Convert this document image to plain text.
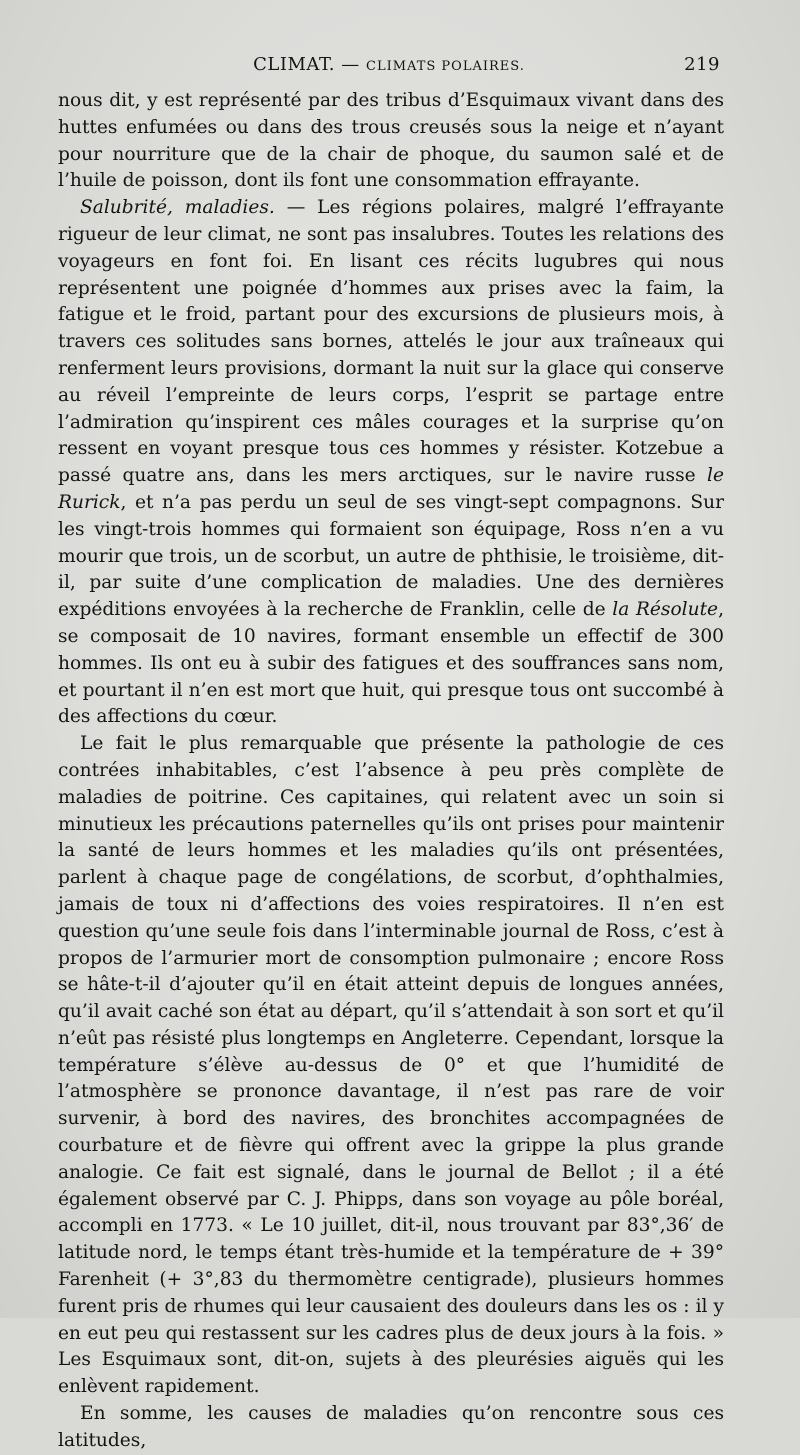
CLIMAT. — CLIMATS POLAIRES.	219

nous dit, y est représenté par des tribus d’Esquimaux vivant dans des huttes enfumées ou dans des trous creusés sous la neige et n’ayant pour nourriture que de la chair de phoque, du saumon salé et de l’huile de poisson, dont ils font une consommation effrayante.

Salubrité, maladies. — Les régions polaires, malgré l’effrayante rigueur de leur climat, ne sont pas insalubres. Toutes les relations des voyageurs en font foi. En lisant ces récits lugubres qui nous représentent une poignée d’hommes aux prises avec la faim, la fatigue et le froid, partant pour des excursions de plusieurs mois, à travers ces solitudes sans bornes, attelés le jour aux traîneaux qui renferment leurs provisions, dormant la nuit sur la glace qui conserve au réveil l’empreinte de leurs corps, l’esprit se partage entre l’admiration qu’inspirent ces mâles courages et la surprise qu’on ressent en voyant presque tous ces hommes y résister. Kotzebue a passé quatre ans, dans les mers arctiques, sur le navire russe le Rurick, et n’a pas perdu un seul de ses vingt-sept compagnons. Sur les vingt-trois hommes qui formaient son équipage, Ross n’en a vu mourir que trois, un de scorbut, un autre de phthisie, le troisième, dit-il, par suite d’une complication de maladies. Une des dernières expéditions envoyées à la recherche de Franklin, celle de la Résolute, se composait de 10 navires, formant ensemble un effectif de 300 hommes. Ils ont eu à subir des fatigues et des souffrances sans nom, et pourtant il n’en est mort que huit, qui presque tous ont succombé à des affections du cœur.

Le fait le plus remarquable que présente la pathologie de ces contrées inhabitables, c’est l’absence à peu près complète de maladies de poitrine. Ces capitaines, qui relatent avec un soin si minutieux les précautions paternelles qu’ils ont prises pour maintenir la santé de leurs hommes et les maladies qu’ils ont présentées, parlent à chaque page de congélations, de scorbut, d’ophthalmies, jamais de toux ni d’affections des voies respiratoires. Il n’en est question qu’une seule fois dans l’interminable journal de Ross, c’est à propos de l’armurier mort de consomption pulmonaire ; encore Ross se hâte-t-il d’ajouter qu’il en était atteint depuis de longues années, qu’il avait caché son état au départ, qu’il s’attendait à son sort et qu’il n’eût pas résisté plus longtemps en Angleterre. Cependant, lorsque la température s’élève au-dessus de 0° et que l’humidité de l’atmosphère se prononce davantage, il n’est pas rare de voir survenir, à bord des navires, des bronchites accompagnées de courbature et de fièvre qui offrent avec la grippe la plus grande analogie. Ce fait est signalé, dans le journal de Bellot ; il a été également observé par C. J. Phipps, dans son voyage au pôle boréal, accompli en 1773. « Le 10 juillet, dit-il, nous trouvant par 83°,36′ de latitude nord, le temps étant très-humide et la température de + 39° Farenheit (+ 3°,83 du thermomètre centigrade), plusieurs hommes furent pris de rhumes qui leur causaient des douleurs dans les os : il y en eut peu qui restassent sur les cadres plus de deux jours à la fois. » Les Esquimaux sont, dit-on, sujets à des pleurésies aiguës qui les enlèvent rapidement.

En somme, les causes de maladies qu’on rencontre sous ces latitudes,
